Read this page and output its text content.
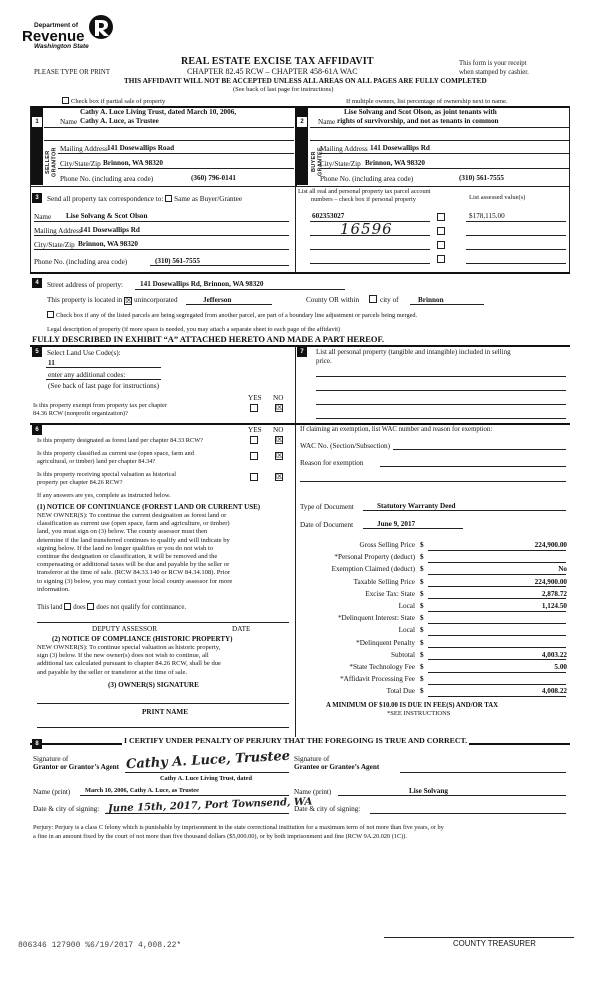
Department of
Revenue
Washington State
REAL ESTATE EXCISE TAX AFFIDAVIT
PLEASE TYPE OR PRINT	CHAPTER 82.45 RCW – CHAPTER 458-61A WAC
THIS AFFIDAVIT WILL NOT BE ACCEPTED UNLESS ALL AREAS ON ALL PAGES ARE FULLY COMPLETED
(See back of last page for instructions)
This form is your receipt
when stamped by cashier.
Check box if partial sale of property	If multiple owners, list percentage of ownership next to name.
1	2
SELLER GRANTOR	BUYER GRANTEE
Cathy A. Luce Living Trust, dated March 10, 2006,
Name Cathy A. Luce, as Trustee
Mailing Address 141 Dosewallips Road
City/State/Zip Brinnon, WA 98320
Phone No. (including area code)	(360) 796-0141
Lise Solvang and Scot Olson, as joint tenants with
Name rights of survivorship, and not as tenants in common
Mailing Address 141 Dosewallips Rd
City/State/Zip Brinnon, WA 98320
Phone No. (including area code)	(310) 561-7555
3	Send all property tax correspondence to: Same as Buyer/Grantee
Name Lise Solvang & Scot Olson
Mailing Address
141 Dosewallips Rd
City/State/Zip Brinnon, WA 98320
Phone No. (including area code)	(310) 561-7555
List all real and personal property tax parcel account
numbers – check box if personal property	List assessed value(s)
602353027	$178,115.00
16596
4	Street address of property: 141 Dosewallips Rd, Brinnon, WA 98320
This property is located in ☒ unincorporated	Jefferson	County OR within	city of	Brinnon
Check box if any of the listed parcels are being segregated from another parcel, are part of a boundary line adjustment or parcels being merged.
Legal description of property (if more space is needed, you may attach a separate sheet to each page of the affidavit)
FULLY DESCRIBED IN EXHIBIT “A” ATTACHED HERETO AND MADE A PART HEREOF.
5	Select Land Use Code(s):
11
enter any additional codes:
(See back of last page for instructions)
YES NO
Is this property exempt from property tax per chapter
84.36 RCW (nonprofit organization)?
☒
7	List all personal property (tangible and intangible) included in selling
price.
6	YES NO
Is this property designated as forest land per chapter 84.33 RCW?	☒
Is this property classified as current use (open space, farm and
agricultural, or timber) land per chapter 84.34?
☒
Is this property receiving special valuation as historical
property per chapter 84.26 RCW?
☒
If any answers are yes, complete as instructed below.
(1) NOTICE OF CONTINUANCE (FOREST LAND OR CURRENT USE)
NEW OWNER(S): To continue the current designation as forest land or
classification as current use (open space, farm and agriculture, or timber)
land, you must sign on (3) below. The county assessor must then
determine if the land transferred continues to qualify and will indicate by
signing below. If the land no longer qualifies or you do not wish to
continue the designation or classification, it will be removed and the
compensating or additional taxes will be due and payable by the seller or
transferor at the time of sale. (RCW 84.33.140 or RCW 84.34.108). Prior
to signing (3) below, you may contact your local county assessor for more
information.
This land does does not qualify for continuance.
DEPUTY ASSESSOR	DATE
(2) NOTICE OF COMPLIANCE (HISTORIC PROPERTY)
NEW OWNER(S): To continue special valuation as historic property,
sign (3) below. If the new owner(s) does not wish to continue, all
additional tax calculated pursuant to chapter 84.26 RCW, shall be due
and payable by the seller or transferor at the time of sale.
(3) OWNER(S) SIGNATURE
PRINT NAME
If claiming an exemption, list WAC number and reason for exemption:
WAC No. (Section/Subsection)
Reason for exemption
Type of Document	Statutory Warranty Deed
Date of Document	June 9, 2017
Gross Selling Price $	224,900.00
*Personal Property (deduct) $
Exemption Claimed (deduct) $	No
Taxable Selling Price $	224,900.00
Excise Tax: State $	2,878.72
Local $	1,124.50
*Delinquent Interest: State $
Local $
*Delinquent Penalty $
Subtotal $	4,003.22
*State Technology Fee $	5.00
*Affidavit Processing Fee $
Total Due $	4,008.22
A MINIMUM OF $10.00 IS DUE IN FEE(S) AND/OR TAX
*SEE INSTRUCTIONS
8	I CERTIFY UNDER PENALTY OF PERJURY THAT THE FOREGOING IS TRUE AND CORRECT.
Signature of
Grantor or Grantor’s Agent Cathy A. Luce, Trustee
Cathy A. Luce Living Trust, dated
Name (print) March 10, 2006, Cathy A. Luce, as Trustee
Date & city of signing: June 15th, 2017, Port Townsend, WA
Signature of
Grantee or Grantee’s Agent
Name (print)	Lise Solvang
Date & city of signing:
Perjury: Perjury is a class C felony which is punishable by imprisonment in the state correctional institution for a maximum term of not more than five years, or by
a fine in an amount fixed by the court of not more than five thousand dollars ($5,000.00), or by both imprisonment and fine (RCW 9A.20.020 (1C)).
806346 127900 %6/19/2017 4,008.22*	COUNTY TREASURER
